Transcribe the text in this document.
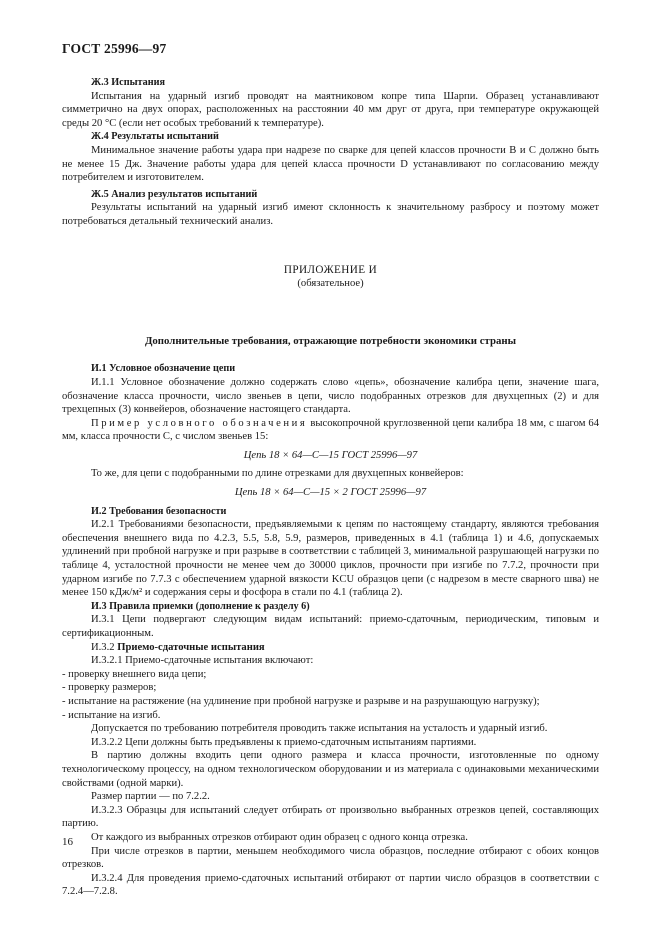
ГОСТ 25996—97

Ж.3 Испытания

Испытания на ударный изгиб проводят на маятниковом копре типа Шарпи. Образец устанавливают симметрично на двух опорах, расположенных на расстоянии 40 мм друг от друга, при температуре окружающей среды 20 °С (если нет особых требований к температуре).

Ж.4 Результаты испытаний

Минимальное значение работы удара при надрезе по сварке для цепей классов прочности В и С должно быть не менее 15 Дж. Значение работы удара для цепей класса прочности D устанавливают по согласованию между потребителем и изготовителем.

Ж.5 Анализ результатов испытаний

Результаты испытаний на ударный изгиб имеют склонность к значительному разбросу и поэтому может потребоваться детальный технический анализ.

ПРИЛОЖЕНИЕ И

(обязательное)

Дополнительные требования, отражающие потребности экономики страны

И.1 Условное обозначение цепи

И.1.1 Условное обозначение должно содержать слово «цепь», обозначение калибра цепи, значение шага, обозначение класса прочности, число звеньев в цепи, число подобранных отрезков для двухцепных (2) и для трехцепных (3) конвейеров, обозначение настоящего стандарта.

Пример условного обозначения высокопрочной круглозвенной цепи калибра 18 мм, с шагом 64 мм, класса прочности С, с числом звеньев 15:

Цепь 18 × 64—С—15 ГОСТ 25996—97

То же, для цепи с подобранными по длине отрезками для двухцепных конвейеров:

Цепь 18 × 64—С—15 × 2 ГОСТ 25996—97

И.2 Требования безопасности

И.2.1 Требованиями безопасности, предъявляемыми к цепям по настоящему стандарту, являются требования обеспечения внешнего вида по 4.2.3, 5.5, 5.8, 5.9, размеров, приведенных в 4.1 (таблица 1) и 4.6, допускаемых удлинений при пробной нагрузке и при разрыве в соответствии с таблицей 3, минимальной разрушающей нагрузки по таблице 4, усталостной прочности не менее чем до 30000 циклов, прочности при изгибе по 7.7.2, прочности при ударном изгибе по 7.7.3 с обеспечением ударной вязкости KCU образцов цепи (с надрезом в месте сварного шва) не менее 150 кДж/м² и содержания серы и фосфора в стали по 4.1 (таблица 2).

И.3 Правила приемки (дополнение к разделу 6)

И.3.1 Цепи подвергают следующим видам испытаний: приемо-сдаточным, периодическим, типовым и сертификационным.

И.3.2 Приемо-сдаточные испытания

И.3.2.1 Приемо-сдаточные испытания включают:

- проверку внешнего вида цепи;

- проверку размеров;

- испытание на растяжение (на удлинение при пробной нагрузке и разрыве и на разрушающую нагрузку);

- испытание на изгиб.

Допускается по требованию потребителя проводить также испытания на усталость и ударный изгиб.

И.3.2.2 Цепи должны быть предъявлены к приемо-сдаточным испытаниям партиями.

В партию должны входить цепи одного размера и класса прочности, изготовленные по одному технологическому процессу, на одном технологическом оборудовании и из материала с одинаковыми механическими свойствами (одной марки).

Размер партии — по 7.2.2.

И.3.2.3 Образцы для испытаний следует отбирать от произвольно выбранных отрезков цепей, составляющих партию.

От каждого из выбранных отрезков отбирают один образец с одного конца отрезка.

При числе отрезков в партии, меньшем необходимого числа образцов, последние отбирают с обоих концов отрезков.

И.3.2.4 Для проведения приемо-сдаточных испытаний отбирают от партии число образцов в соответствии с 7.2.4—7.2.8.

16
